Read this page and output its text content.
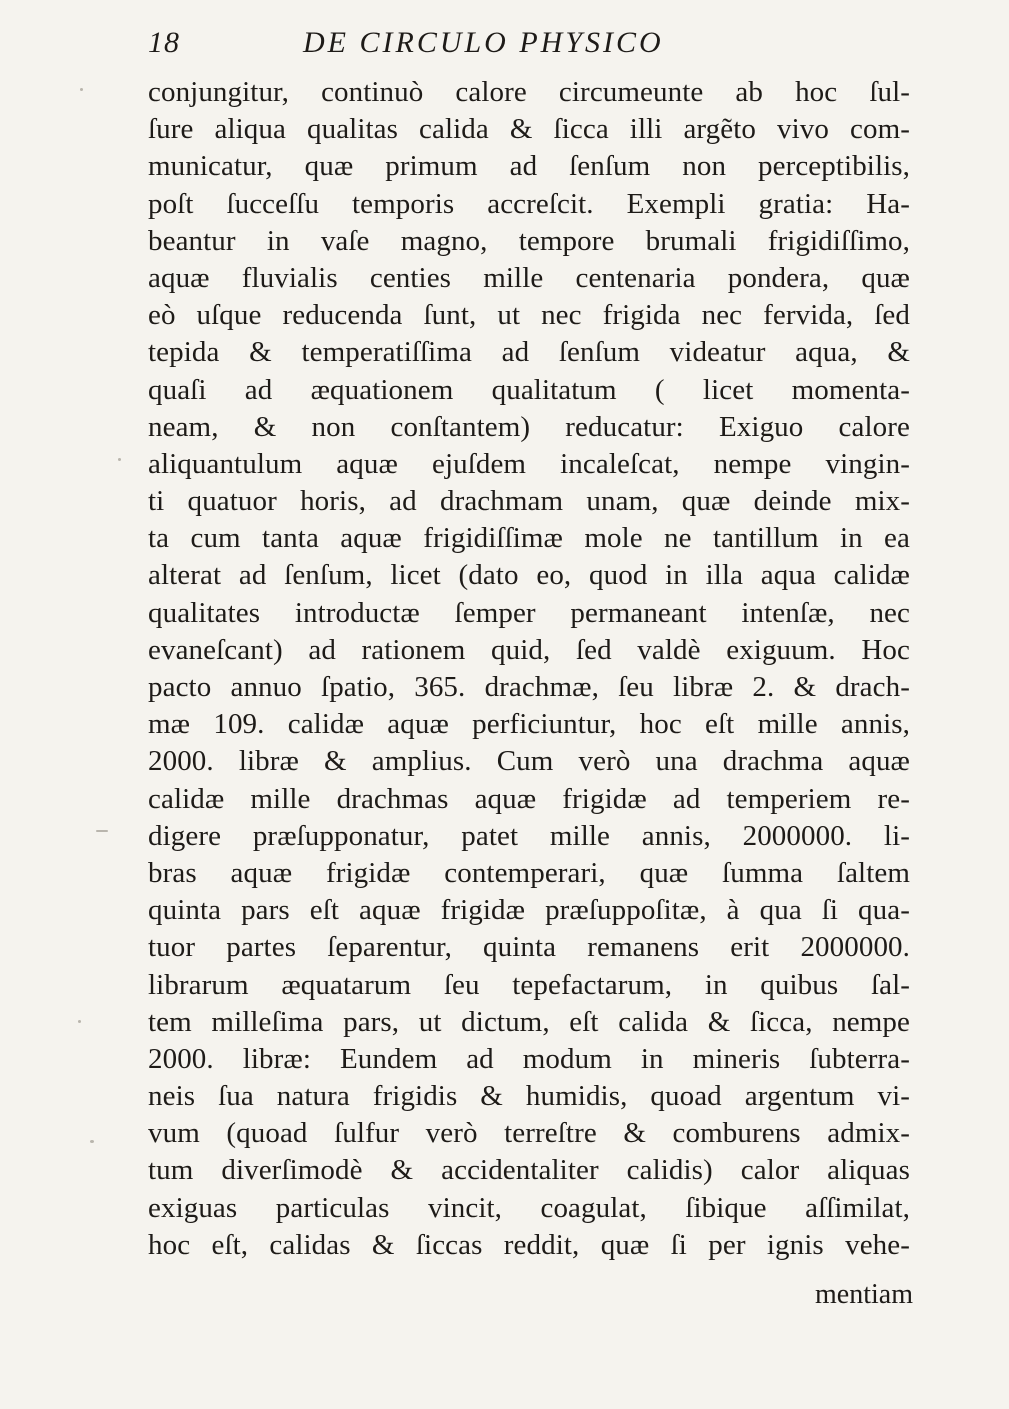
18	DE CIRCULO PHYSICO
conjungitur, continuò calore circumeunte ab hoc ſul-
ſure aliqua qualitas calida & ſicca illi argẽto vivo com-
municatur, quæ primum ad ſenſum non perceptibilis,
poſt ſucceſſu temporis accreſcit. Exempli gratia: Ha-
beantur in vaſe magno, tempore brumali frigidiſſimo,
aquæ fluvialis centies mille centenaria pondera, quæ
eò uſque reducenda ſunt, ut nec frigida nec fervida, ſed
tepida & temperatiſſima ad ſenſum videatur aqua, &
quaſi ad æquationem qualitatum ( licet momenta-
neam, & non conſtantem) reducatur: Exiguo calore
aliquantulum aquæ ejuſdem incaleſcat, nempe vingin-
ti quatuor horis, ad drachmam unam, quæ deinde mix-
ta cum tanta aquæ frigidiſſimæ mole ne tantillum in ea
alterat ad ſenſum, licet (dato eo, quod in illa aqua calidæ
qualitates introductæ ſemper permaneant intenſæ, nec
evaneſcant) ad rationem quid, ſed valdè exiguum. Hoc
pacto annuo ſpatio, 365. drachmæ, ſeu libræ 2. & drach-
mæ 109. calidæ aquæ perficiuntur, hoc eſt mille annis,
2000. libræ & amplius. Cum verò una drachma aquæ
calidæ mille drachmas aquæ frigidæ ad temperiem re-
digere præſupponatur, patet mille annis, 2000000. li-
bras aquæ frigidæ contemperari, quæ ſumma ſaltem
quinta pars eſt aquæ frigidæ præſuppoſitæ, à qua ſi qua-
tuor partes ſeparentur, quinta remanens erit 2000000.
librarum æquatarum ſeu tepefactarum, in quibus ſal-
tem milleſima pars, ut dictum, eſt calida & ſicca, nempe
2000. libræ: Eundem ad modum in mineris ſubterra-
neis ſua natura frigidis & humidis, quoad argentum vi-
vum (quoad ſulfur verò terreſtre & comburens admix-
tum diverſimodè & accidentaliter calidis) calor aliquas
exiguas particulas vincit, coagulat, ſibique aſſimilat,
hoc eſt, calidas & ſiccas reddit, quæ ſi per ignis vehe-
mentiam
